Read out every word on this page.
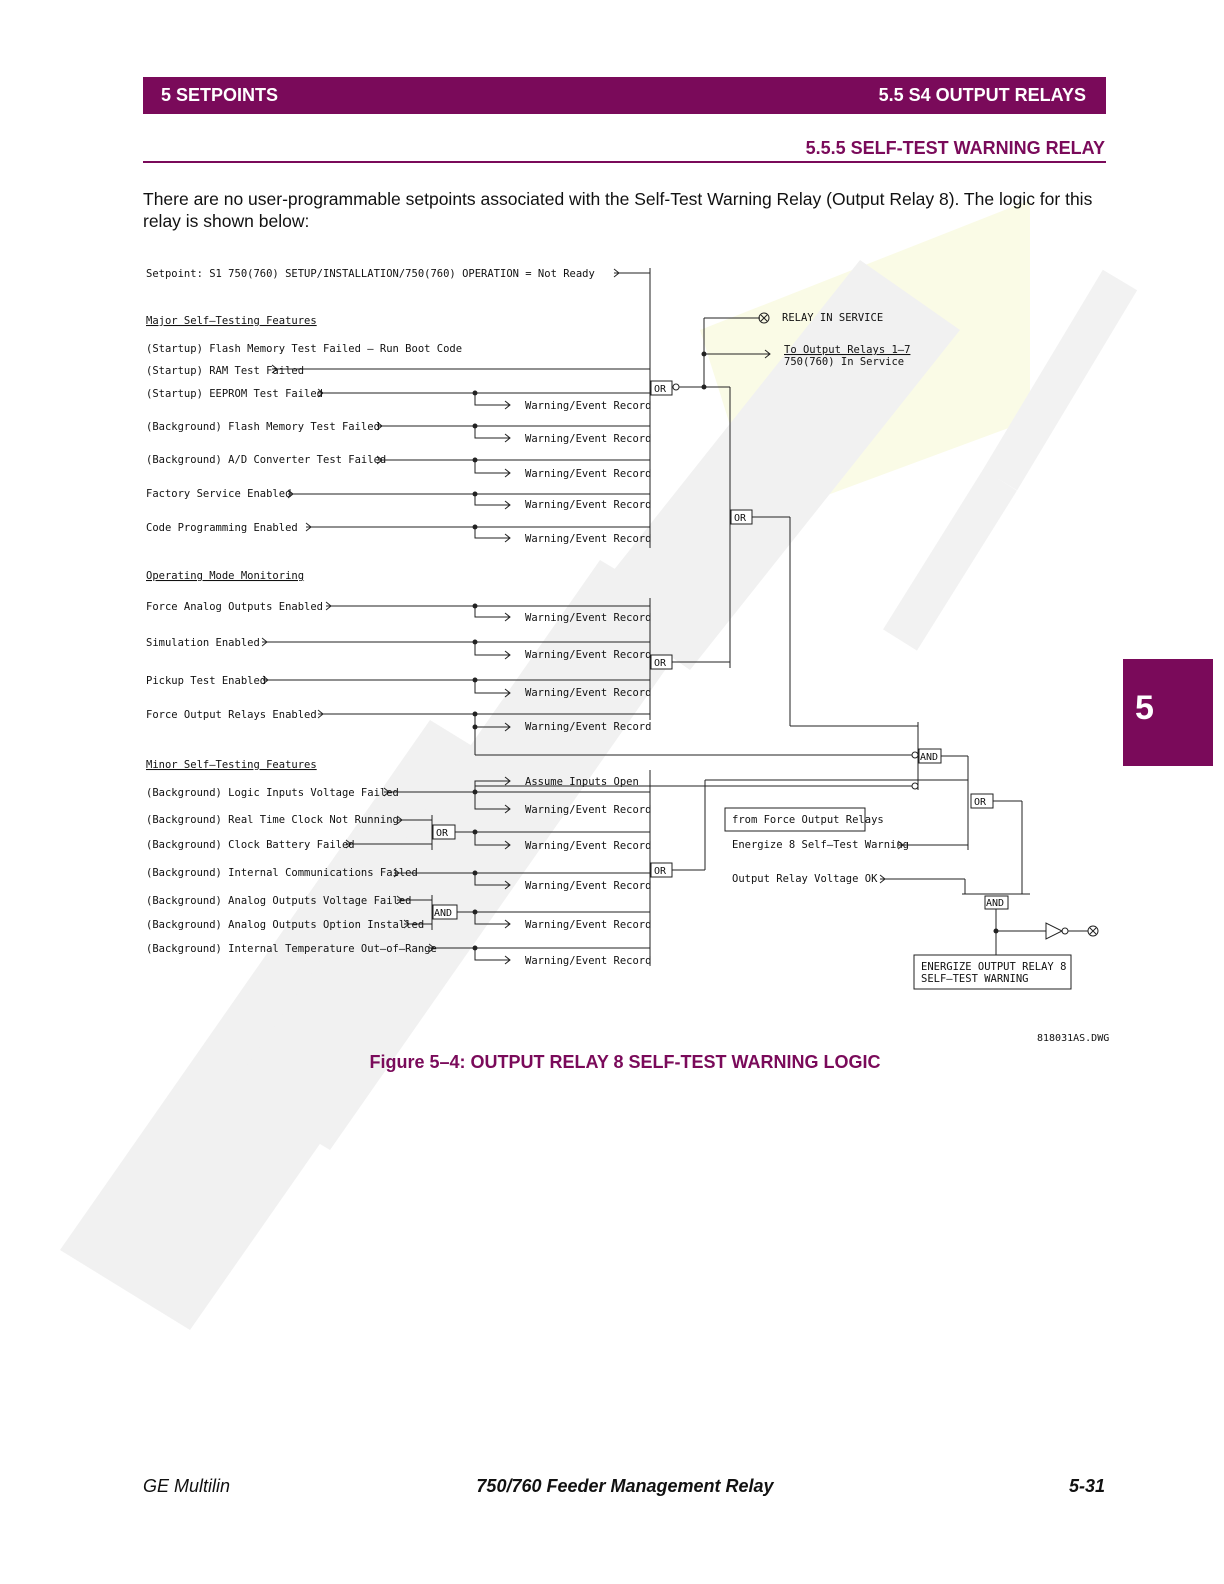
5 SETPOINTS	5.5 S4 OUTPUT RELAYS
5.5.5 SELF-TEST WARNING RELAY
There are no user-programmable setpoints associated with the Self-Test Warning Relay (Output Relay 8). The logic for this relay is shown below:
5
Setpoint: S1 750(760) SETUP/INSTALLATION/750(760) OPERATION = Not Ready
Major Self–Testing Features
(Startup) Flash Memory Test Failed – Run Boot Code
(Startup) RAM Test Failed
(Startup) EEPROM Test Failed
(Background) Flash Memory Test Failed
(Background) A/D Converter Test Failed
Factory Service Enabled
Code Programming Enabled
Warning/Event Record
Warning/Event Record
Warning/Event Record
Warning/Event Record
Warning/Event Record
Operating Mode Monitoring
Force Analog Outputs Enabled
Simulation Enabled
Pickup Test Enabled
Force Output Relays Enabled
Warning/Event Record
Warning/Event Record
Warning/Event Record
Warning/Event Record
Minor Self–Testing Features
(Background) Logic Inputs Voltage Failed
(Background) Real Time Clock Not Running
(Background) Clock Battery Failed
(Background) Internal Communications Failed
(Background) Analog Outputs Voltage Failed
(Background) Analog Outputs Option Installed
(Background) Internal Temperature Out–of–Range
Assume Inputs Open
Warning/Event Record
Warning/Event Record
Warning/Event Record
Warning/Event Record
Warning/Event Record
RELAY IN SERVICE
To Output Relays 1–7
750(760) In Service
OR
OR
OR
OR
OR
OR
AND
AND
AND
from Force Output Relays
Energize 8 Self–Test Warning
Output Relay Voltage OK
ENERGIZE OUTPUT RELAY 8
SELF–TEST WARNING
818031AS.DWG
Figure 5–4: OUTPUT RELAY 8 SELF-TEST WARNING LOGIC
GE Multilin	750/760 Feeder Management Relay	5-31
